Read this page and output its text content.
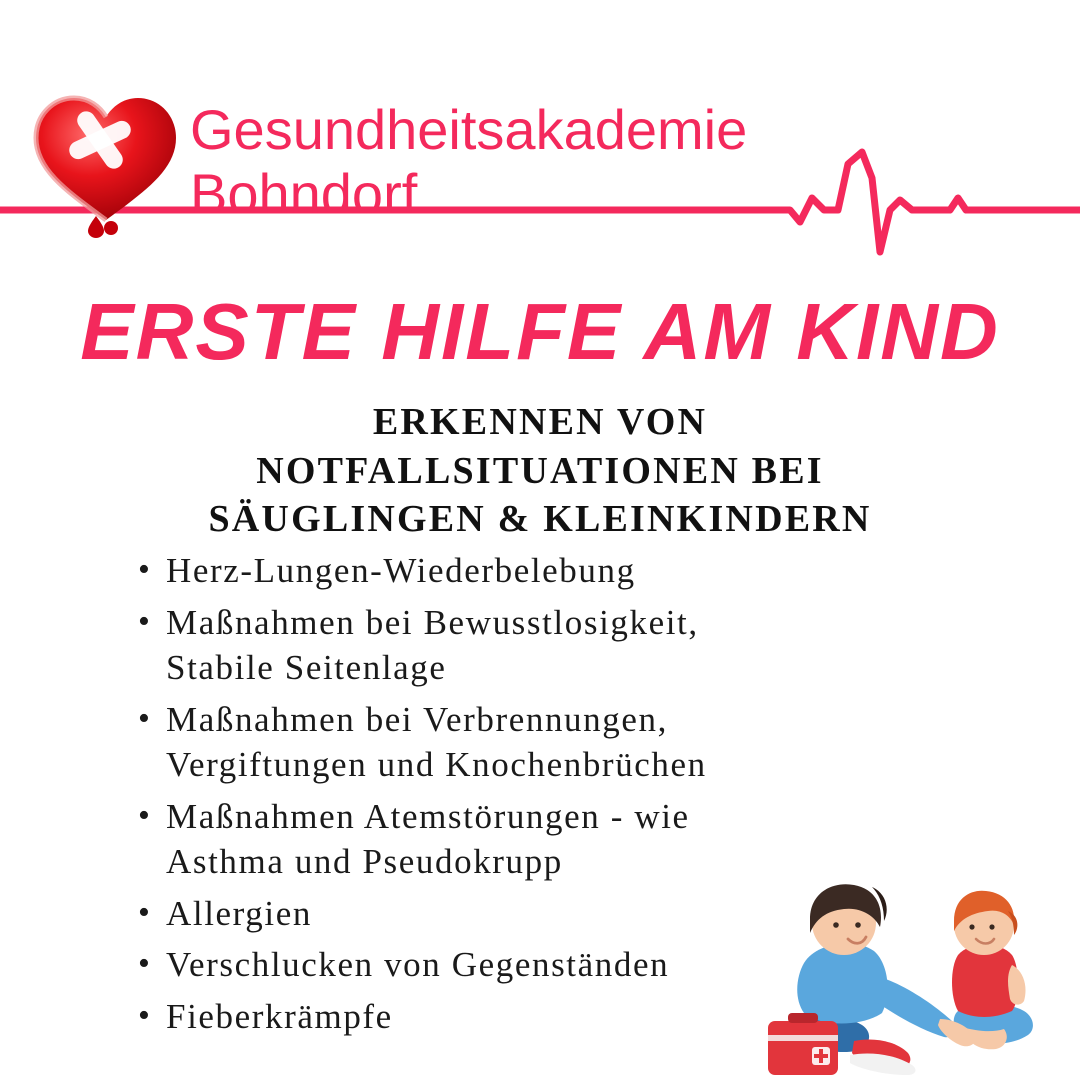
Gesundheitsakademie
Bohndorf
ERSTE HILFE AM KIND
ERKENNEN VON
NOTFALLSITUATIONEN BEI
SÄUGLINGEN & KLEINKINDERN
• Herz-Lungen-Wiederbelebung
• Maßnahmen bei Bewusstlosigkeit,
Stabile Seitenlage
• Maßnahmen bei Verbrennungen,
Vergiftungen und Knochenbrüchen
• Maßnahmen Atemstörungen - wie
Asthma und Pseudokrupp
• Allergien
• Verschlucken von Gegenständen
• Fieberkrämpfe
